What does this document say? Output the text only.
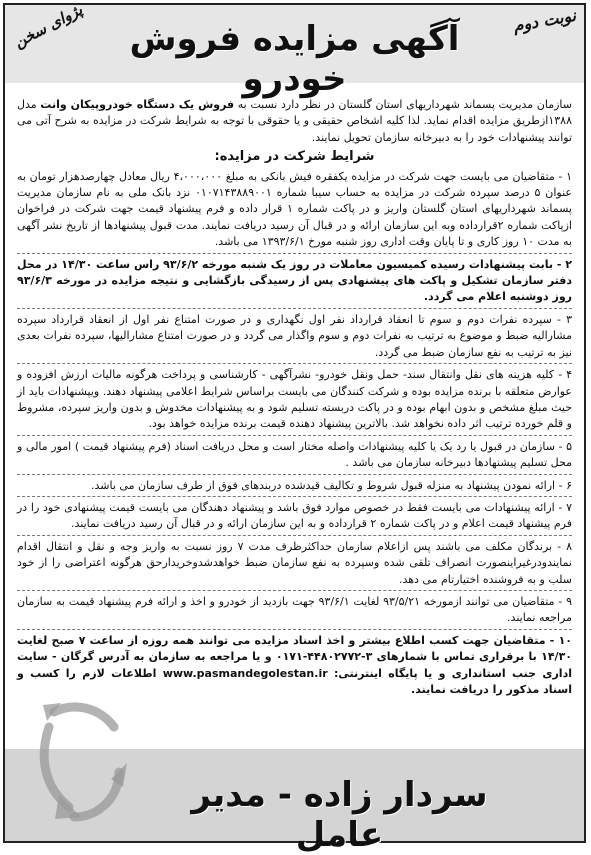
نوبت دوم
آگهی مزایده فروش خودرو
پژوای سخن

سازمان مدیریت پسماند شهرداریهای استان گلستان در نظر دارد نسبت به فروش یک دستگاه خودروپیکان وانت مدل ۱۳۸۸ازطریق مزایده اقدام نماید. لذا کلیه اشخاص حقیقی و یا حقوقی با توجه به شرایط شرکت در مزایده به شرح آتی می توانند پیشنهادات خود را به دبیرخانه سازمان تحویل نمایند.

شرایط شرکت در مزایده:

۱ - متقاضیان می بایست جهت شرکت در مزایده یکفقره فیش بانکی به مبلغ ۴،۰۰۰،۰۰۰ ریال معادل چهارصدهزار تومان به عنوان ۵ درصد سپرده شرکت در مزایده به حساب سیبا شماره ۰۱۰۷۱۴۳۸۸۹۰۰۱ نزد بانک ملی به نام سازمان مدیریت پسماند شهرداریهای استان گلستان واریز و در پاکت شماره ۱ قرار داده و فرم پیشنهاد قیمت جهت شرکت در فراخوان ازپاکت شماره ۲قرارداده وبه این سازمان ارائه و در قبال آن رسید دریافت نمایند. مدت قبول پیشنهادها از تاریخ نشر آگهی به مدت ۱۰ روز کاری و تا پایان وقت اداری روز شنبه مورخ ۱۳۹۳/۶/۱ می باشد.

۲ - بابت پیشنهادات رسیده کمیسیون معاملات در روز یک شنبه مورخه ۹۳/۶/۲ راس ساعت ۱۴/۳۰ در محل دفتر سازمان تشکیل و پاکت های پیشنهادی پس از رسیدگی بازگشایی و نتیجه مزایده در مورخه ۹۳/۶/۳ روز دوشنبه اعلام می گردد.

۳ - سپرده نفرات دوم و سوم تا انعقاد قرارداد نفر اول نگهداری و در صورت امتناع نفر اول از انعقاد قرارداد سپرده مشارالیه ضبط و موضوع به ترتیب به نفرات دوم و سوم واگذار می گردد و در صورت امتناع مشارالیها، سپرده نفرات بعدی نیز به ترتیب به نفع سازمان ضبط می گردد.

۴ - کلیه هزینه های نقل وانتقال سند- حمل ونقل خودرو- نشرآگهی - کارشناسی و پرداخت هرگونه مالیات ارزش افزوده و عوارض متعلقه با برنده مزایده بوده و شرکت کنندگان می بایست براساس شرایط اعلامی پیشنهاد دهند. ویپشنهادات باید از حیث مبلغ مشخص و بدون ابهام بوده و در پاکت دربسته تسلیم شود و به پیشنهادات مخدوش و بدون واریز سپرده، مشروط و قلم خورده ترتیب اثر داده نخواهد شد. بالاترین پیشنهاد دهنده قیمت برنده مزایده خواهد بود.

۵ - سازمان در قبول یا رد یک یا کلیه پیشنهادات واصله مختار است و محل دریافت اسناد (فرم پیشنهاد قیمت ) امور مالی و محل تسلیم پیشنهادها دبیرخانه سازمان می باشد .

۶ - ارائه نمودن پیشنهاد به منزله قبول شروط و تکالیف قیدشده دربندهای فوق از طرف سازمان می باشد.

۷ - ارائه پیشنهادات می بایست فقط در خصوص موارد فوق باشد و پیشنهاد دهندگان می بایست قیمت پیشنهادی خود را در فرم پیشنهاد قیمت اعلام و در پاکت شماره ۲ قرارداده و به این سازمان ارائه و در قبال آن رسید دریافت نمایند.

۸ - برندگان مکلف می باشند پس ازاعلام سازمان حداکثرظرف مدت ۷ روز نسبت به واریز وجه و نقل و انتقال اقدام نمایندودرغیراینصورت انصراف تلقی شده وسپرده به نفع سازمان ضبط خواهدشدوخریدارحق هرگونه اعتراضی را از خود سلب و به فروشنده اختیارتام می دهد.

۹ - متقاضیان می توانند ازمورخه ۹۳/۵/۲۱ لغایت ۹۳/۶/۱ جهت بازدید از خودرو و اخذ و ارائه فرم پیشنهاد قیمت به سازمان مراجعه نمایند.

۱۰ - متقاضیان جهت کسب اطلاع بیشتر و اخذ اسناد مزایده می توانند همه روزه از ساعت ۷ صبح لغایت ۱۴/۳۰ با برقراری تماس با شمارهای ۳-۴۴۸۰۲۷۷۲-۰۱۷۱ و یا مراجعه به سازمان به آدرس گرگان - سایت اداری جنب استانداری و یا پایگاه اینترنتی: www.pasmandegolestan.ir اطلاعات لازم را کسب و اسناد مذکور را دریافت نمایند.

سردار زاده - مدیر عامل
